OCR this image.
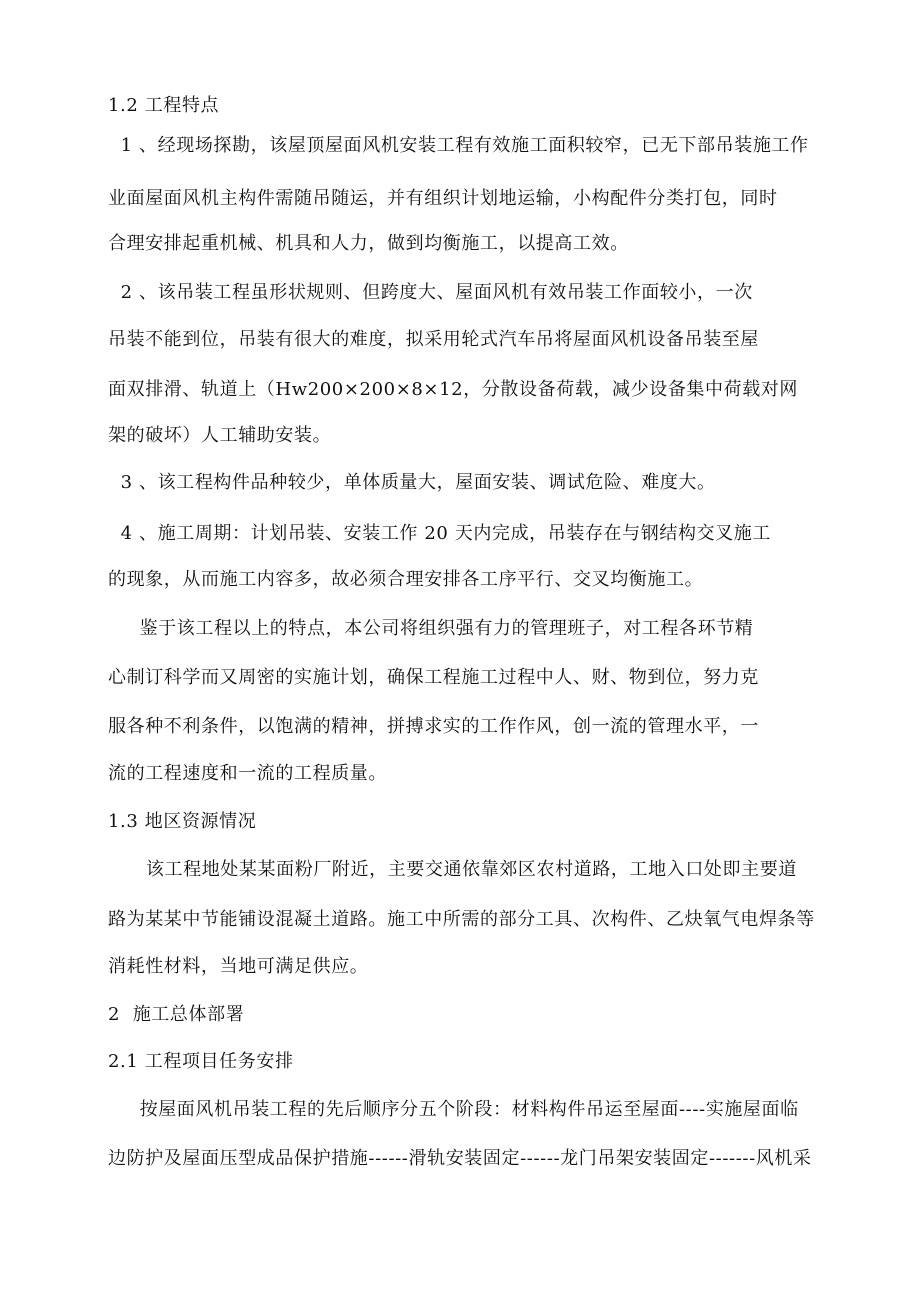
1.2 工程特点
1 、经现场探勘，该屋顶屋面风机安装工程有效施工面积较窄，已无下部吊装施工作
业面屋面风机主构件需随吊随运，并有组织计划地运输，小构配件分类打包，同时
合理安排起重机械、机具和人力，做到均衡施工，以提高工效。
2 、该吊装工程虽形状规则、但跨度大、屋面风机有效吊装工作面较小，一次
吊装不能到位，吊装有很大的难度，拟采用轮式汽车吊将屋面风机设备吊装至屋
面双排滑、轨道上（Hw200×200×8×12，分散设备荷载，减少设备集中荷载对网
架的破坏）人工辅助安装。
3 、该工程构件品种较少，单体质量大，屋面安装、调试危险、难度大。
4 、施工周期：计划吊装、安装工作 20 天内完成，吊装存在与钢结构交叉施工
的现象，从而施工内容多，故必须合理安排各工序平行、交叉均衡施工。
鉴于该工程以上的特点，本公司将组织强有力的管理班子，对工程各环节精
心制订科学而又周密的实施计划，确保工程施工过程中人、财、物到位，努力克
服各种不利条件，以饱满的精神，拼搏求实的工作作风，创一流的管理水平，一
流的工程速度和一流的工程质量。
1.3 地区资源情况
该工程地处某某面粉厂附近，主要交通依靠郊区农村道路，工地入口处即主要道
路为某某中节能铺设混凝土道路。施工中所需的部分工具、次构件、乙炔氧气电焊条等
消耗性材料，当地可满足供应。
2  施工总体部署
2.1 工程项目任务安排
按屋面风机吊装工程的先后顺序分五个阶段：材料构件吊运至屋面----实施屋面临
边防护及屋面压型成品保护措施------滑轨安装固定------龙门吊架安装固定-------风机采
